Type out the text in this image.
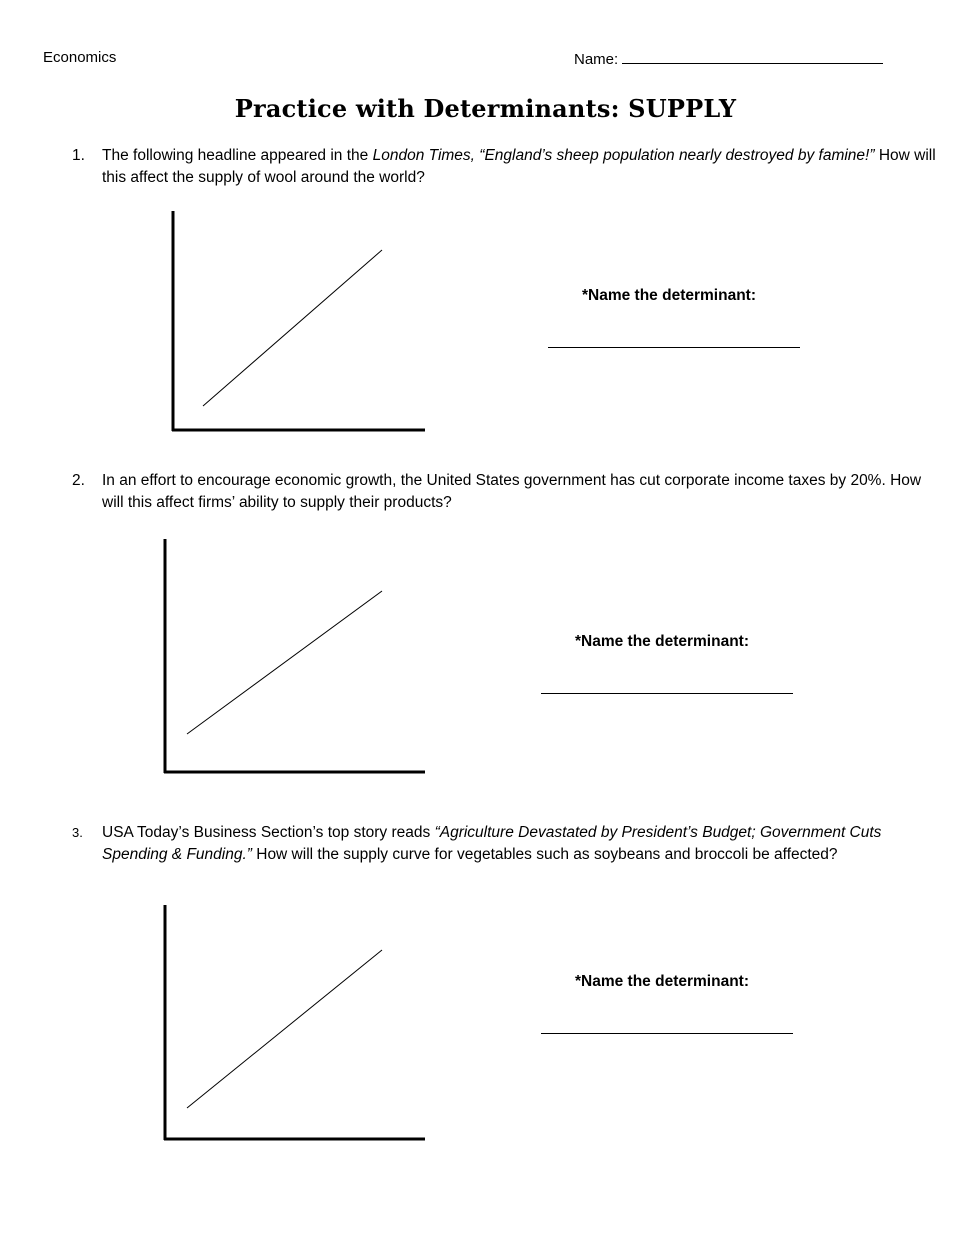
Economics	Name:
Practice with Determinants: SUPPLY
1. The following headline appeared in the London Times, “England’s sheep population nearly destroyed by famine!” How will this affect the supply of wool around the world?
*Name the determinant:
2. In an effort to encourage economic growth, the United States government has cut corporate income taxes by 20%. How will this affect firms’ ability to supply their products?
*Name the determinant:
3. USA Today’s Business Section’s top story reads “Agriculture Devastated by President’s Budget; Government Cuts Spending & Funding.” How will the supply curve for vegetables such as soybeans and broccoli be affected?
*Name the determinant:
